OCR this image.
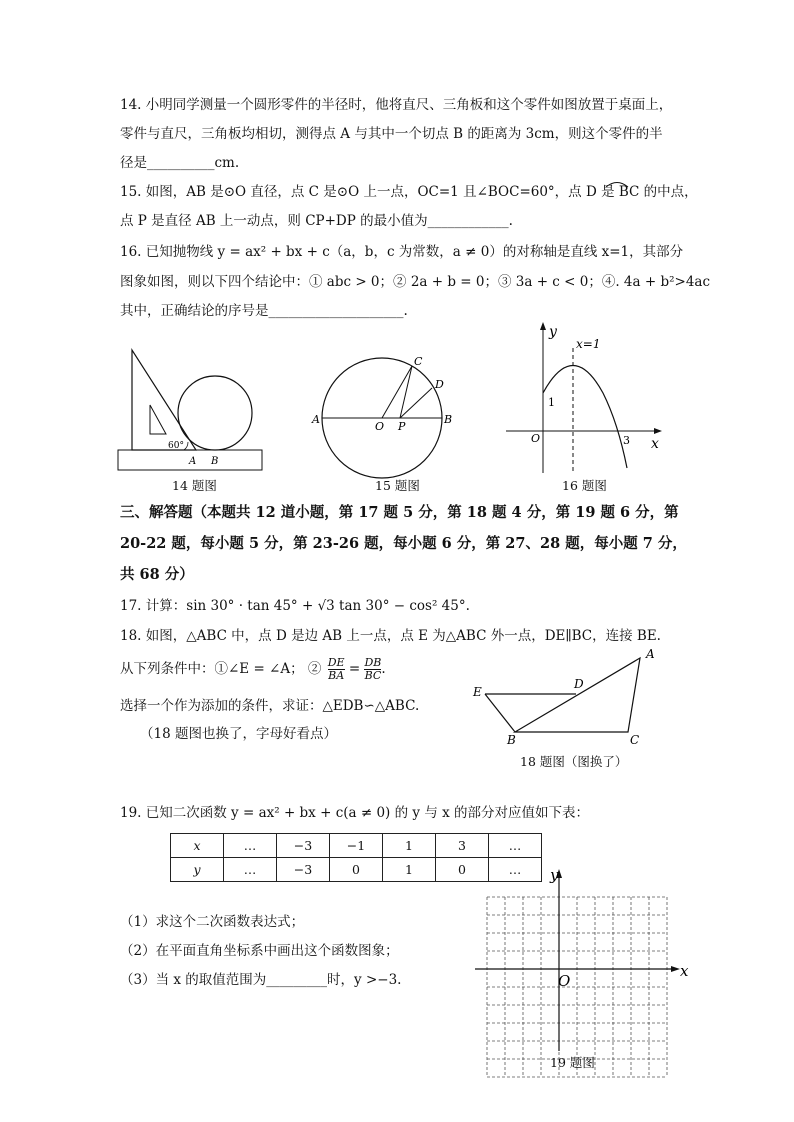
14. 小明同学测量一个圆形零件的半径时，他将直尺、三角板和这个零件如图放置于桌面上，
零件与直尺，三角板均相切，测得点 A 与其中一个切点 B 的距离为 3cm，则这个零件的半
径是__________cm.
15. 如图，AB 是⊙O 直径，点 C 是⊙O 上一点，OC=1 且∠BOC=60°，点 D 是 BC 的中点，
点 P 是直径 AB 上一动点，则 CP+DP 的最小值为____________.
16. 已知抛物线 y = ax² + bx + c（a，b，c 为常数，a ≠ 0）的对称轴是直线 x=1，其部分
图象如图，则以下四个结论中：① abc > 0；② 2a + b = 0；③ 3a + c < 0；④. 4a + b²>4ac
其中，正确结论的序号是____________________.
60°
A B
14 题图
A	B
C
D
O P
15 题图
y
x
x=1
1
O	3
16 题图
三、解答题（本题共 12 道小题，第 17 题 5 分，第 18 题 4 分，第 19 题 6 分，第
20-22 题，每小题 5 分，第 23-26 题，每小题 6 分，第 27、28 题，每小题 7 分，
共 68 分）
17. 计算：sin 30° · tan 45° + √3 tan 30° − cos² 45°.
18. 如图，△ABC 中，点 D 是边 AB 上一点，点 E 为△ABC 外一点，DE∥BC，连接 BE.
从下列条件中：①∠E = ∠A； ② $\frac{DE}{BA} = \frac{DB}{BC}$ .
选择一个作为添加的条件，求证：△EDB∽△ABC.
（18 题图也换了，字母好看点）
A
B	C
D
E
18 题图（图换了）
19. 已知二次函数 y = ax² + bx + c(a ≠ 0) 的 y 与 x 的部分对应值如下表：
x	…	−3	−1	1	3	…
y	…	−3	0	1	0	…
（1）求这个二次函数表达式；
（2）在平面直角坐标系中画出这个函数图象；
（3）当 x 的取值范围为_________时，y >−3.
y
x
O
19 题图
